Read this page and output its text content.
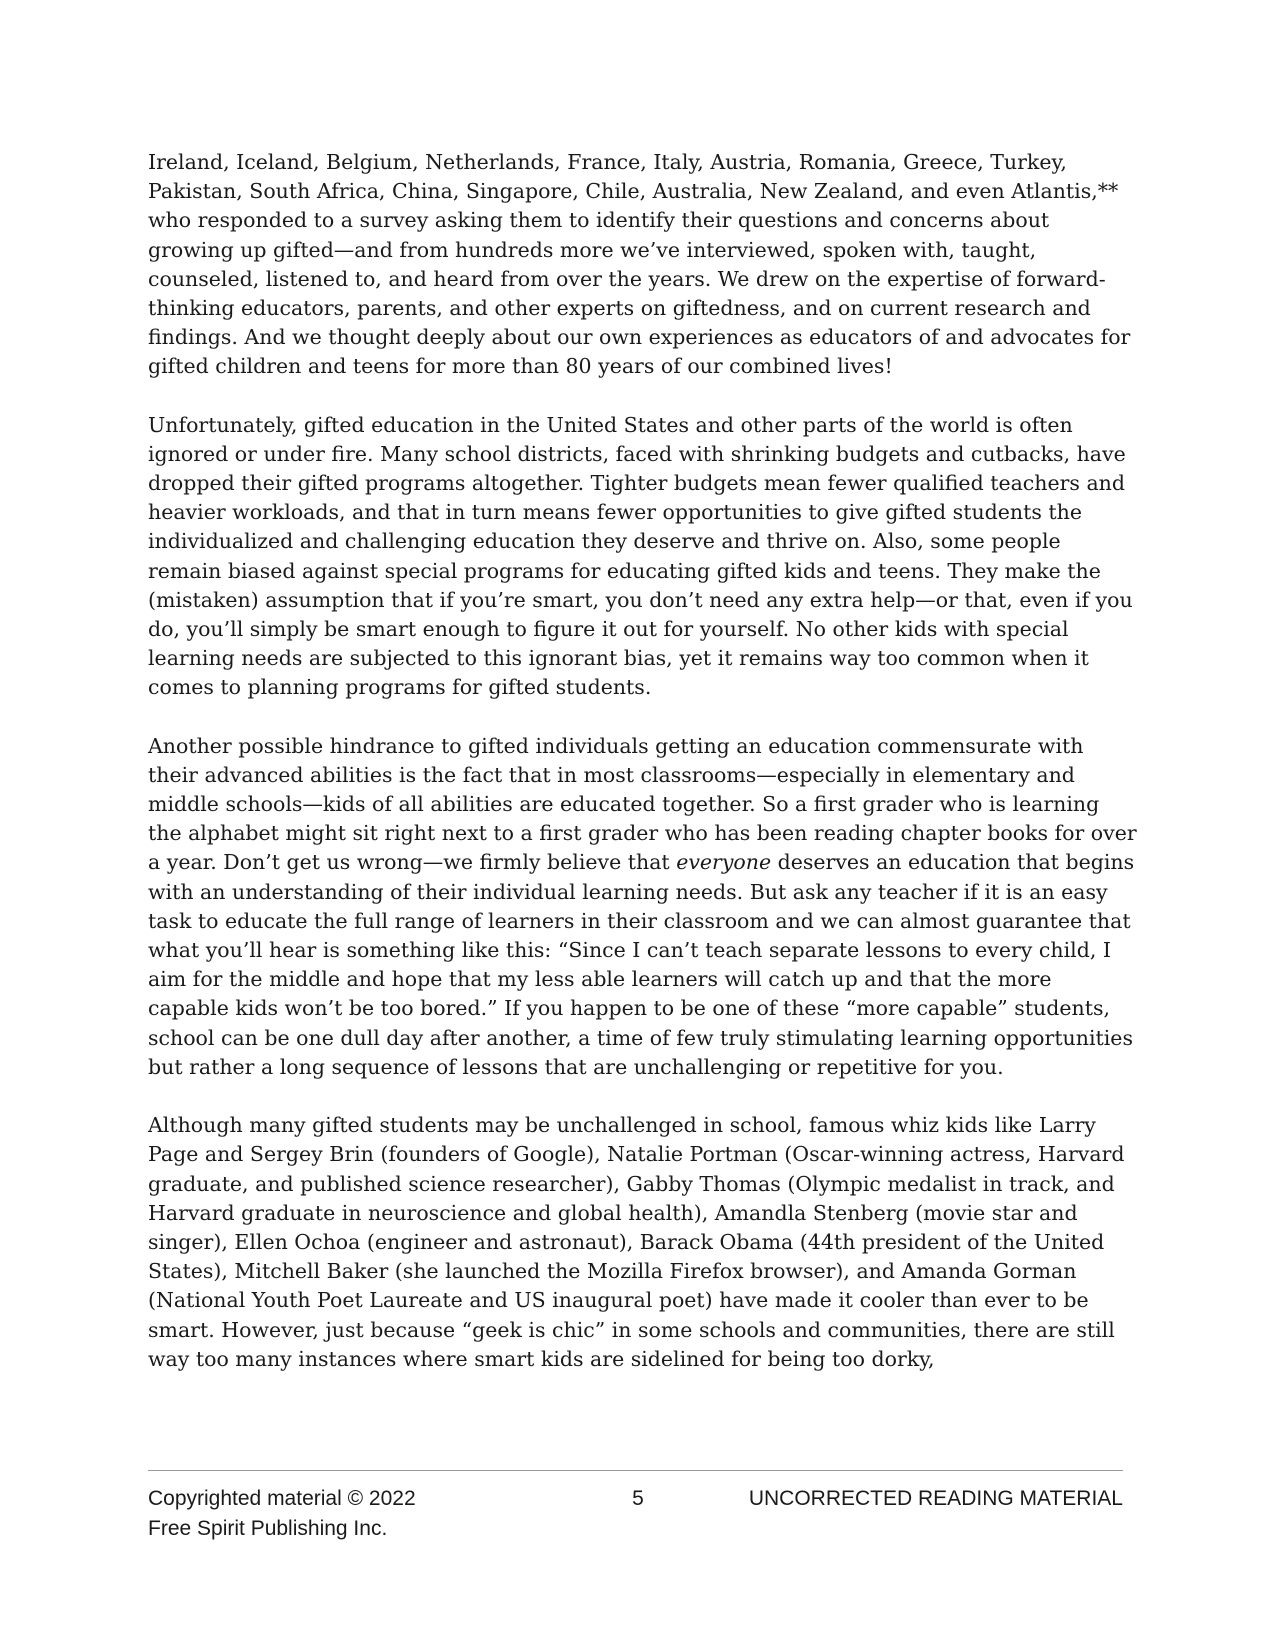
Ireland, Iceland, Belgium, Netherlands, France, Italy, Austria, Romania, Greece, Turkey, Pakistan, South Africa, China, Singapore, Chile, Australia, New Zealand, and even Atlantis,** who responded to a survey asking them to identify their questions and concerns about growing up gifted—and from hundreds more we’ve interviewed, spoken with, taught, counseled, listened to, and heard from over the years. We drew on the expertise of forward-thinking educators, parents, and other experts on giftedness, and on current research and findings. And we thought deeply about our own experiences as educators of and advocates for gifted children and teens for more than 80 years of our combined lives!

Unfortunately, gifted education in the United States and other parts of the world is often ignored or under fire. Many school districts, faced with shrinking budgets and cutbacks, have dropped their gifted programs altogether. Tighter budgets mean fewer qualified teachers and heavier workloads, and that in turn means fewer opportunities to give gifted students the individualized and challenging education they deserve and thrive on. Also, some people remain biased against special programs for educating gifted kids and teens. They make the (mistaken) assumption that if you’re smart, you don’t need any extra help—or that, even if you do, you’ll simply be smart enough to figure it out for yourself. No other kids with special learning needs are subjected to this ignorant bias, yet it remains way too common when it comes to planning programs for gifted students.

Another possible hindrance to gifted individuals getting an education commensurate with their advanced abilities is the fact that in most classrooms—especially in elementary and middle schools—kids of all abilities are educated together. So a first grader who is learning the alphabet might sit right next to a first grader who has been reading chapter books for over a year. Don’t get us wrong—we firmly believe that everyone deserves an education that begins with an understanding of their individual learning needs. But ask any teacher if it is an easy task to educate the full range of learners in their classroom and we can almost guarantee that what you’ll hear is something like this: “Since I can’t teach separate lessons to every child, I aim for the middle and hope that my less able learners will catch up and that the more capable kids won’t be too bored.” If you happen to be one of these “more capable” students, school can be one dull day after another, a time of few truly stimulating learning opportunities but rather a long sequence of lessons that are unchallenging or repetitive for you.

Although many gifted students may be unchallenged in school, famous whiz kids like Larry Page and Sergey Brin (founders of Google), Natalie Portman (Oscar-winning actress, Harvard graduate, and published science researcher), Gabby Thomas (Olympic medalist in track, and Harvard graduate in neuroscience and global health), Amandla Stenberg (movie star and singer), Ellen Ochoa (engineer and astronaut), Barack Obama (44th president of the United States), Mitchell Baker (she launched the Mozilla Firefox browser), and Amanda Gorman (National Youth Poet Laureate and US inaugural poet) have made it cooler than ever to be smart. However, just because “geek is chic” in some schools and communities, there are still way too many instances where smart kids are sidelined for being too dorky,

Copyrighted material © 2022
Free Spirit Publishing Inc.
5	UNCORRECTED READING MATERIAL
